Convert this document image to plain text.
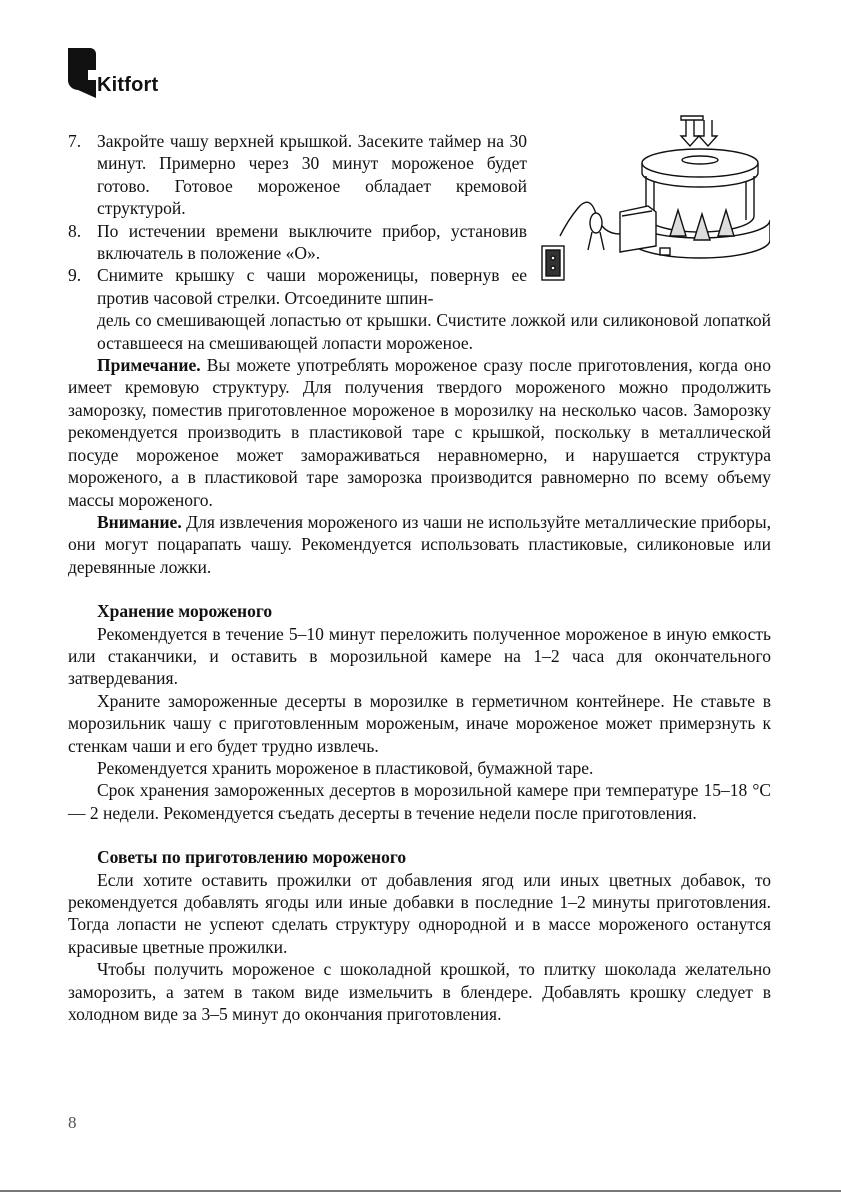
Kitfort
7. Закройте чашу верхней крышкой. Засеките таймер на 30 минут. Примерно через 30 минут мороженое будет готово. Готовое мороженое обладает кремовой структурой.
8. По истечении времени выключите прибор, установив включатель в положение «О».
9. Снимите крышку с чаши мороженицы, повернув ее против часовой стрелки. Отсоедините шпин-
дель со смешивающей лопастью от крышки. Счистите ложкой или силиконовой лопаткой оставшееся на смешивающей лопасти мороженое.

Примечание. Вы можете употреблять мороженое сразу после приготовления, когда оно имеет кремовую структуру. Для получения твердого мороженого можно продолжить заморозку, поместив приготовленное мороженое в морозилку на несколько часов. Заморозку рекомендуется производить в пластиковой таре с крышкой, поскольку в металлической посуде мороженое может замораживаться неравномерно, и нарушается структура мороженого, а в пластиковой таре заморозка производится равномерно по всему объему массы мороженого.

Внимание. Для извлечения мороженого из чаши не используйте металлические приборы, они могут поцарапать чашу. Рекомендуется использовать пластиковые, силиконовые или деревянные ложки.

Хранение мороженого

Рекомендуется в течение 5–10 минут переложить полученное мороженое в иную емкость или стаканчики, и оставить в морозильной камере на 1–2 часа для окончательного затвердевания.

Храните замороженные десерты в морозилке в герметичном контейнере. Не ставьте в морозильник чашу с приготовленным мороженым, иначе мороженое может примерзнуть к стенкам чаши и его будет трудно извлечь.

Рекомендуется хранить мороженое в пластиковой, бумажной таре.

Срок хранения замороженных десертов в морозильной камере при температуре 15–18 °C — 2 недели. Рекомендуется съедать десерты в течение недели после приготовления.

Советы по приготовлению мороженого

Если хотите оставить прожилки от добавления ягод или иных цветных добавок, то рекомендуется добавлять ягоды или иные добавки в последние 1–2 минуты приготовления. Тогда лопасти не успеют сделать структуру однородной и в массе мороженого останутся красивые цветные прожилки.

Чтобы получить мороженое с шоколадной крошкой, то плитку шоколада желательно заморозить, а затем в таком виде измельчить в блендере. Добавлять крошку следует в холодном виде за 3–5 минут до окончания приготовления.

8
